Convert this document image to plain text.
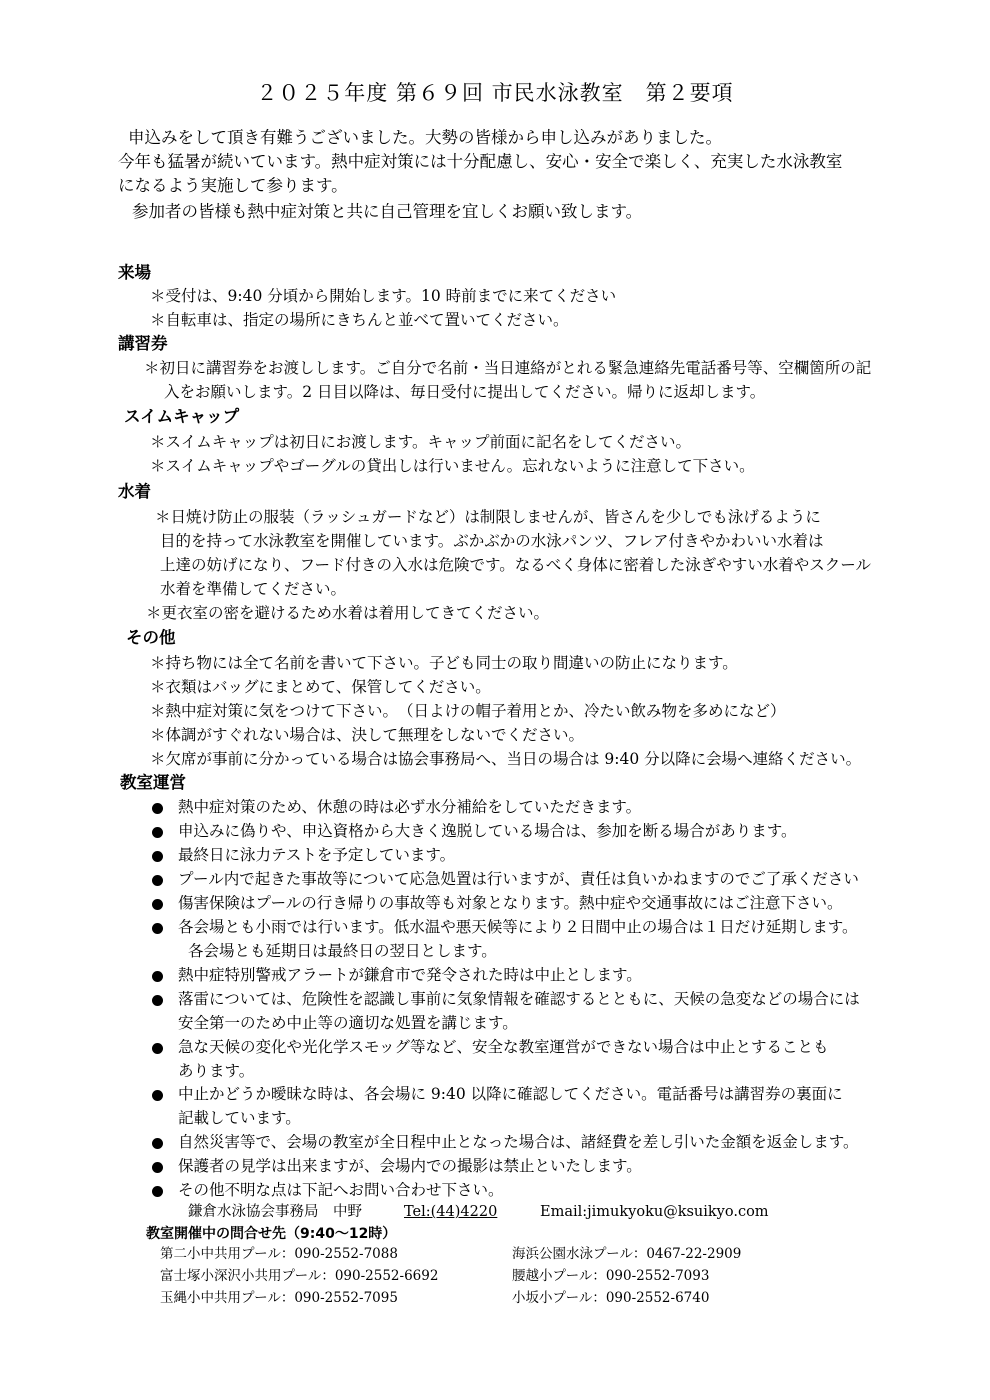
２０２５年度 第６９回 市民水泳教室　第２要項
申込みをして頂き有難うございました。大勢の皆様から申し込みがありました。
今年も猛暑が続いています。熱中症対策には十分配慮し、安心・安全で楽しく、充実した水泳教室
になるよう実施して参ります。
参加者の皆様も熱中症対策と共に自己管理を宜しくお願い致します。
来場
＊受付は、9:40 分頃から開始します。10 時前までに来てください
＊自転車は、指定の場所にきちんと並べて置いてください。
講習券
＊初日に講習券をお渡しします。ご自分で名前・当日連絡がとれる緊急連絡先電話番号等、空欄箇所の記
入をお願いします。2 日目以降は、毎日受付に提出してください。帰りに返却します。
スイムキャップ
＊スイムキャップは初日にお渡します。キャップ前面に記名をしてください。
＊スイムキャップやゴーグルの貸出しは行いません。忘れないように注意して下さい。
水着
＊日焼け防止の服装（ラッシュガードなど）は制限しませんが、皆さんを少しでも泳げるように
目的を持って水泳教室を開催しています。ぶかぶかの水泳パンツ、フレア付きやかわいい水着は
上達の妨げになり、フード付きの入水は危険です。なるべく身体に密着した泳ぎやすい水着やスクール
水着を準備してください。
＊更衣室の密を避けるため水着は着用してきてください。
その他
＊持ち物には全て名前を書いて下さい。子ども同士の取り間違いの防止になります。
＊衣類はバッグにまとめて、保管してください。
＊熱中症対策に気をつけて下さい。　（日よけの帽子着用とか、冷たい飲み物を多めになど）
＊体調がすぐれない場合は、決して無理をしないでください。
＊欠席が事前に分かっている場合は協会事務局へ、当日の場合は 9:40 分以降に会場へ連絡ください。
教室運営
熱中症対策のため、休憩の時は必ず水分補給をしていただきます。
申込みに偽りや、申込資格から大きく逸脱している場合は、参加を断る場合があります。
最終日に泳力テストを予定しています。
プール内で起きた事故等について応急処置は行いますが、責任は負いかねますのでご了承ください
傷害保険はプールの行き帰りの事故等も対象となります。熱中症や交通事故にはご注意下さい。
各会場とも小雨では行います。低水温や悪天候等により２日間中止の場合は１日だけ延期します。
各会場とも延期日は最終日の翌日とします。
熱中症特別警戒アラートが鎌倉市で発令された時は中止とします。
落雷については、危険性を認識し事前に気象情報を確認するとともに、天候の急変などの場合には
安全第一のため中止等の適切な処置を講じます。
急な天候の変化や光化学スモッグ等など、安全な教室運営ができない場合は中止とすることも
あります。
中止かどうか曖昧な時は、各会場に 9:40 以降に確認してください。電話番号は講習券の裏面に
記載しています。
自然災害等で、会場の教室が全日程中止となった場合は、諸経費を差し引いた金額を返金します。
保護者の見学は出来ますが、会場内での撮影は禁止といたします。
その他不明な点は下記へお問い合わせ下さい。
鎌倉水泳協会事務局　中野	Tel:(44)4220	Email:jimukyoku@ksuikyo.com
教室開催中の問合せ先（9:40～12時）
第二小中共用プール：090-2552-7088	海浜公園水泳プール：0467-22-2909
富士塚小深沢小共用プール：090-2552-6692	腰越小プール：090-2552-7093
玉縄小中共用プール：090-2552-7095	小坂小プール：090-2552-6740
